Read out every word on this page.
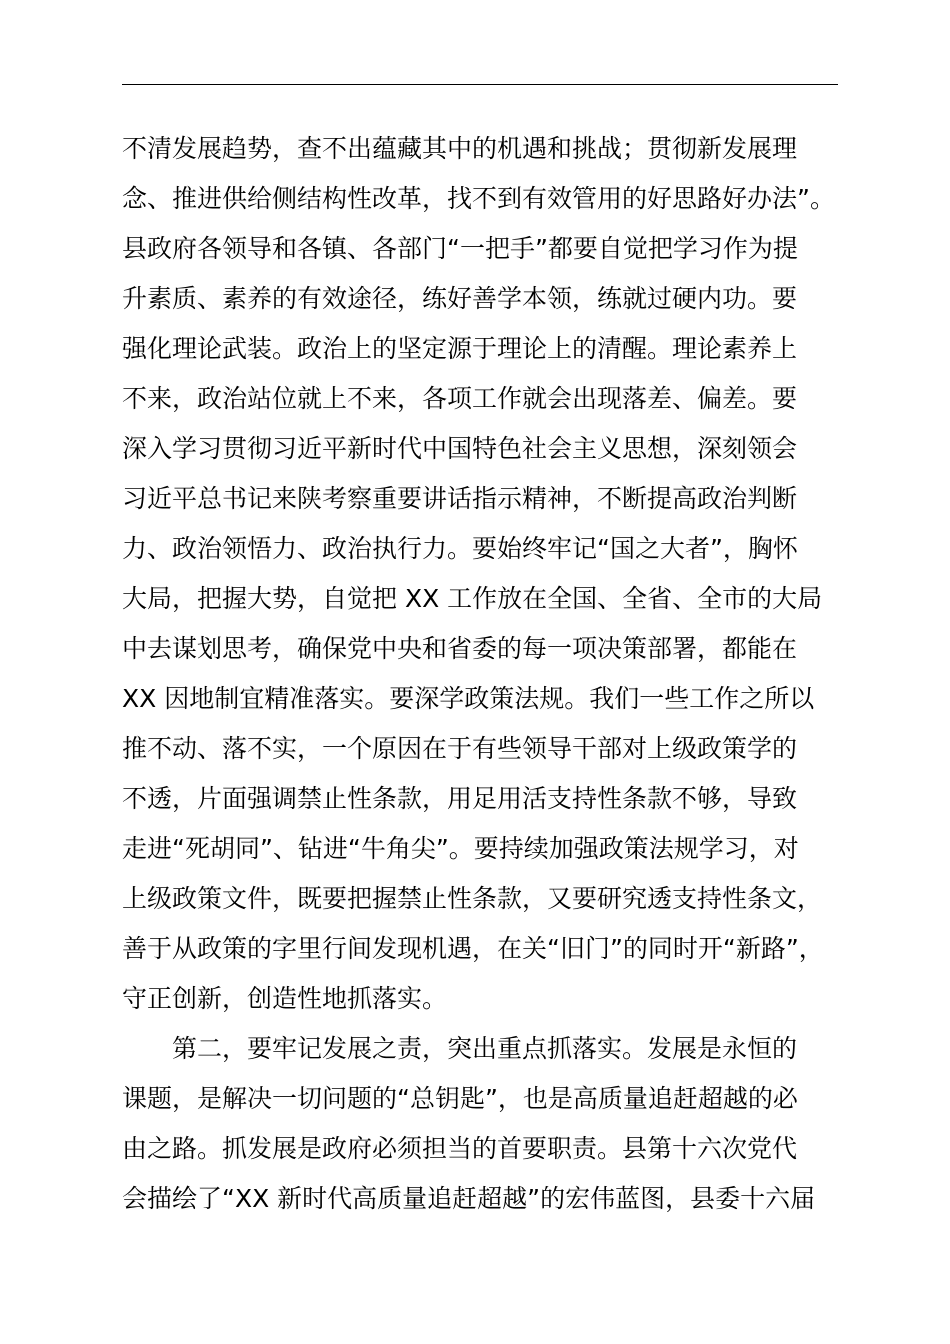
不清发展趋势，查不出蕴藏其中的机遇和挑战；贯彻新发展理
念、推进供给侧结构性改革，找不到有效管用的好思路好办法”。
县政府各领导和各镇、各部门“一把手”都要自觉把学习作为提
升素质、素养的有效途径，练好善学本领，练就过硬内功。要
强化理论武装。政治上的坚定源于理论上的清醒。理论素养上
不来，政治站位就上不来，各项工作就会出现落差、偏差。要
深入学习贯彻习近平新时代中国特色社会主义思想，深刻领会
习近平总书记来陕考察重要讲话指示精神，不断提高政治判断
力、政治领悟力、政治执行力。要始终牢记“国之大者”，胸怀
大局，把握大势，自觉把 XX 工作放在全国、全省、全市的大局
中去谋划思考，确保党中央和省委的每一项决策部署，都能在
XX 因地制宜精准落实。要深学政策法规。我们一些工作之所以
推不动、落不实，一个原因在于有些领导干部对上级政策学的
不透，片面强调禁止性条款，用足用活支持性条款不够，导致
走进“死胡同”、钻进“牛角尖”。要持续加强政策法规学习，对
上级政策文件，既要把握禁止性条款，又要研究透支持性条文，
善于从政策的字里行间发现机遇，在关“旧门”的同时开“新路”，
守正创新，创造性地抓落实。
　　第二，要牢记发展之责，突出重点抓落实。发展是永恒的
课题，是解决一切问题的“总钥匙”，也是高质量追赶超越的必
由之路。抓发展是政府必须担当的首要职责。县第十六次党代
会描绘了“XX 新时代高质量追赶超越”的宏伟蓝图，县委十六届
